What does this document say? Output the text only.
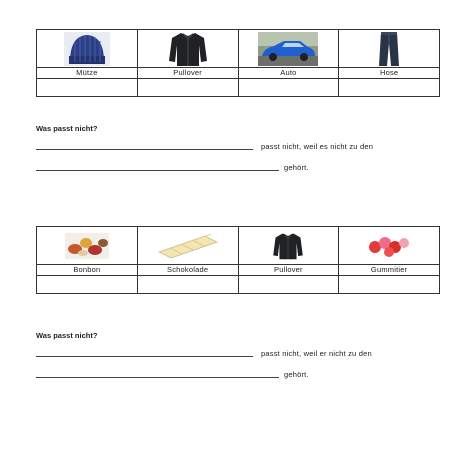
Mütze	Pullover	Auto	Hose

Was passt nicht?
passt nicht, weil es nicht zu den
gehört.

Bonbon	Schokolade	Pullover	Gummitier

Was passt nicht?
passt nicht, weil er nicht zu den
gehört.
